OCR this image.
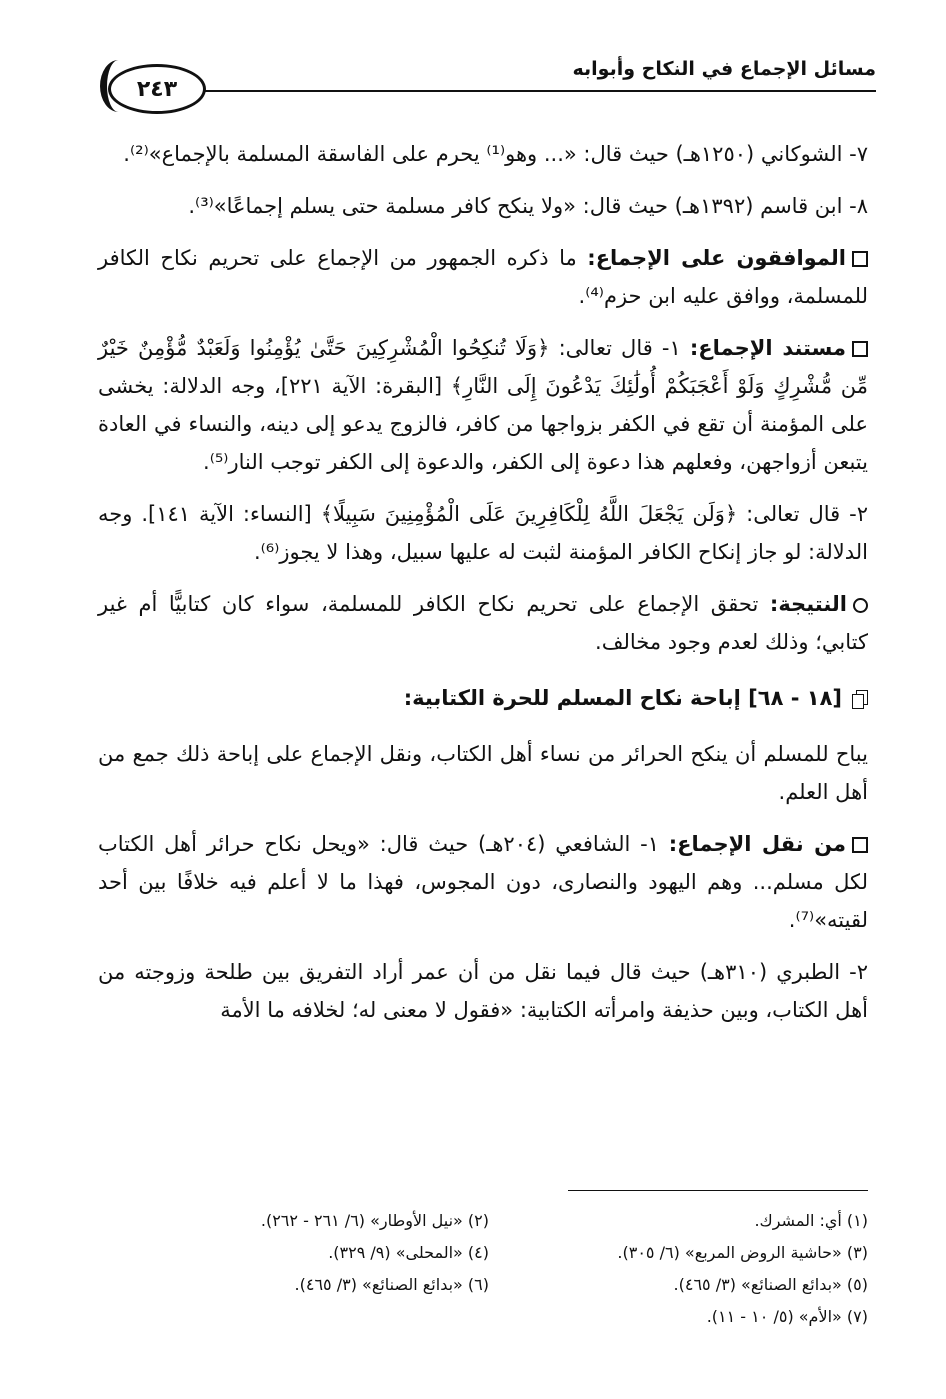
مسائل الإجماع في النكاح وأبوابه
٢٤٣

٧- الشوكاني (١٢٥٠هـ) حيث قال: «... وهو⁽¹⁾ يحرم على الفاسقة المسلمة بالإجماع»⁽²⁾.

٨- ابن قاسم (١٣٩٢هـ) حيث قال: «ولا ينكح كافر مسلمة حتى يسلم إجماعًا»⁽³⁾.

الموافقون على الإجماع: ما ذكره الجمهور من الإجماع على تحريم نكاح الكافر للمسلمة، ووافق عليه ابن حزم⁽⁴⁾.

مستند الإجماع: ١- قال تعالى: ﴿وَلَا تُنكِحُوا الْمُشْرِكِينَ حَتَّىٰ يُؤْمِنُوا وَلَعَبْدٌ مُّؤْمِنٌ خَيْرٌ مِّن مُّشْرِكٍ وَلَوْ أَعْجَبَكُمْ أُولَٰئِكَ يَدْعُونَ إِلَى النَّارِ﴾ [البقرة: الآية ٢٢١]، وجه الدلالة: يخشى على المؤمنة أن تقع في الكفر بزواجها من كافر، فالزوج يدعو إلى دينه، والنساء في العادة يتبعن أزواجهن، وفعلهم هذا دعوة إلى الكفر، والدعوة إلى الكفر توجب النار⁽⁵⁾.

٢- قال تعالى: ﴿وَلَن يَجْعَلَ اللَّهُ لِلْكَافِرِينَ عَلَى الْمُؤْمِنِينَ سَبِيلًا﴾ [النساء: الآية ١٤١]. وجه الدلالة: لو جاز إنكاح الكافر المؤمنة لثبت له عليها سبيل، وهذا لا يجوز⁽⁶⁾.

النتيجة: تحقق الإجماع على تحريم نكاح الكافر للمسلمة، سواء كان كتابيًّا أم غير كتابي؛ وذلك لعدم وجود مخالف.

[١٨ - ٦٨] إباحة نكاح المسلم للحرة الكتابية:

يباح للمسلم أن ينكح الحرائر من نساء أهل الكتاب، ونقل الإجماع على إباحة ذلك جمع من أهل العلم.

من نقل الإجماع: ١- الشافعي (٢٠٤هـ) حيث قال: «ويحل نكاح حرائر أهل الكتاب لكل مسلم... وهم اليهود والنصارى، دون المجوس، فهذا ما لا أعلم فيه خلافًا بين أحد لقيته»⁽⁷⁾.

٢- الطبري (٣١٠هـ) حيث قال فيما نقل من أن عمر أراد التفريق بين طلحة وزوجته من أهل الكتاب، وبين حذيفة وامرأته الكتابية: «فقول لا معنى له؛ لخلافه ما الأمة

(١) أي: المشرك.
(٢) «نيل الأوطار» (٦/ ٢٦١ - ٢٦٢).
(٣) «حاشية الروض المربع» (٦/ ٣٠٥).
(٤) «المحلى» (٩/ ٣٢٩).
(٥) «بدائع الصنائع» (٣/ ٤٦٥).
(٦) «بدائع الصنائع» (٣/ ٤٦٥).
(٧) «الأم» (٥/ ١٠ - ١١).
